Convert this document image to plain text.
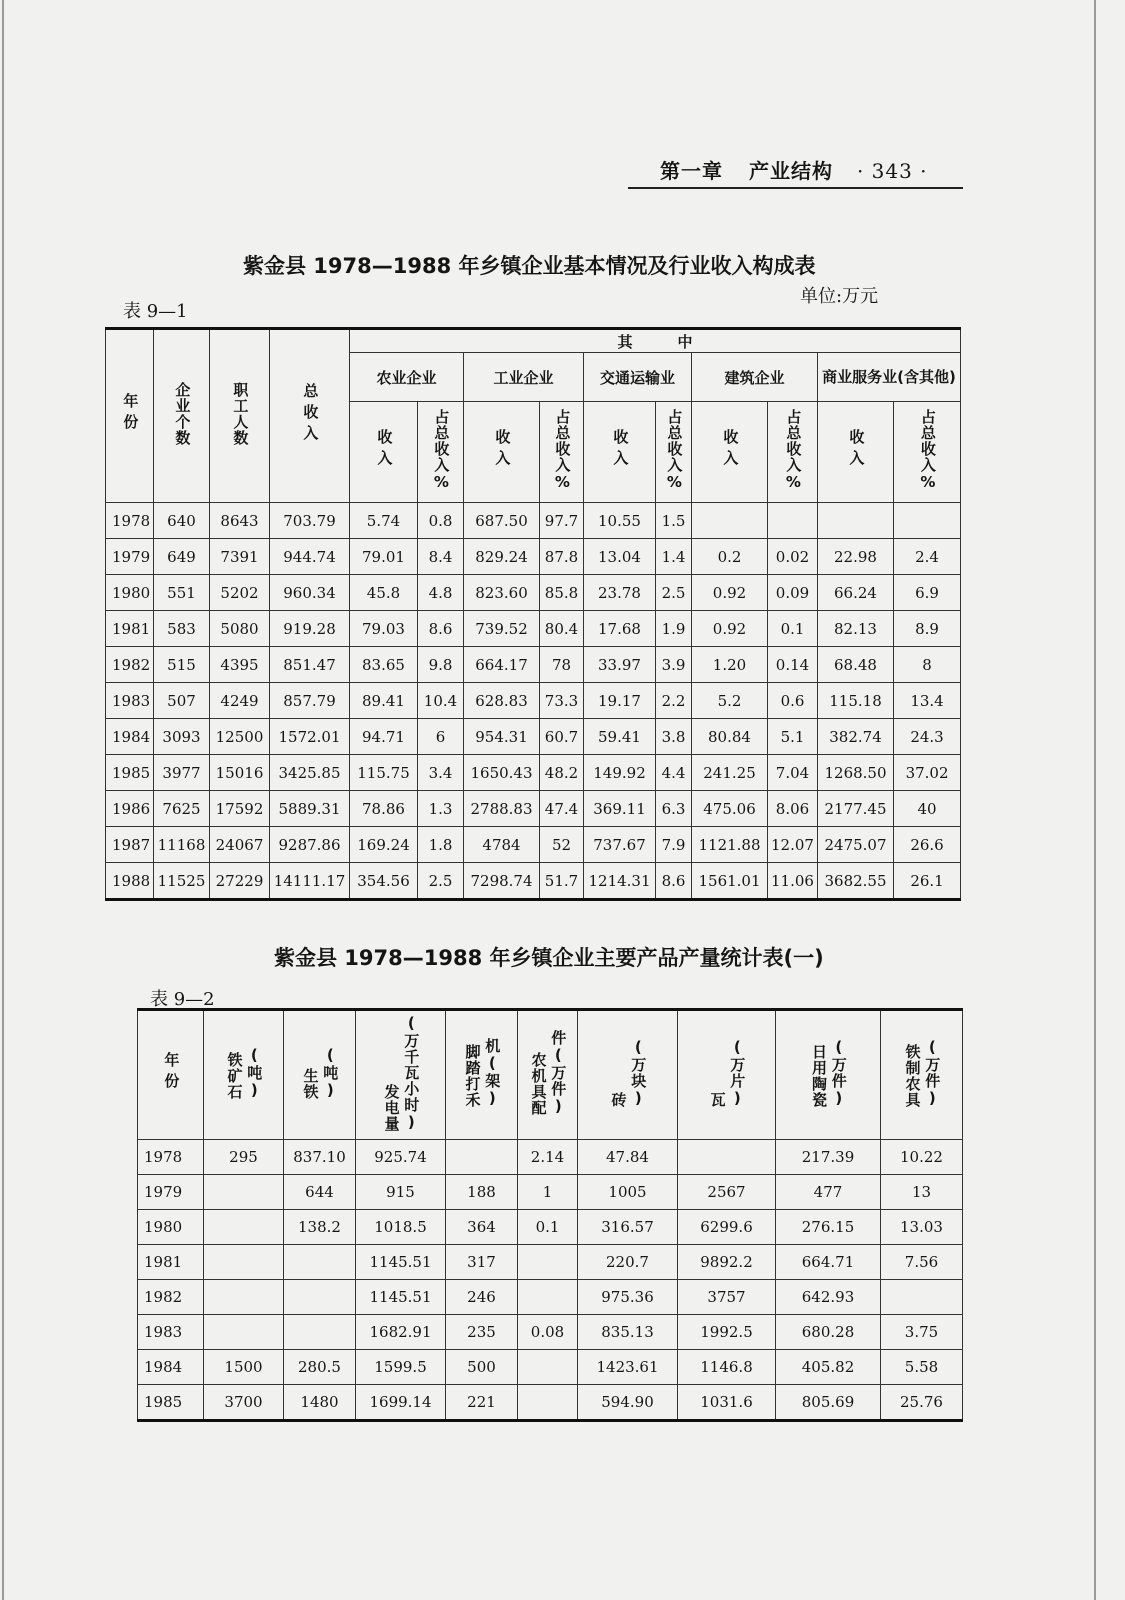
第一章 产业结构 · 343 ·
紫金县 1978—1988 年乡镇企业基本情况及行业收入构成表
表 9—1
单位:万元
年份	企业个数	职工人数	总收入	其　　　中									
				农业企业		工业企业		交通运输业		建筑企业		商业服务业(含其他)	
				收入	占总收入%	收入	占总收入%	收入	占总收入%	收入	占总收入%	收入	占总收入%
1978	640	8643	703.79	5.74	0.8	687.50	97.7	10.55	1.5				
1979	649	7391	944.74	79.01	8.4	829.24	87.8	13.04	1.4	0.2	0.02	22.98	2.4
1980	551	5202	960.34	45.8	4.8	823.60	85.8	23.78	2.5	0.92	0.09	66.24	6.9
1981	583	5080	919.28	79.03	8.6	739.52	80.4	17.68	1.9	0.92	0.1	82.13	8.9
1982	515	4395	851.47	83.65	9.8	664.17	78	33.97	3.9	1.20	0.14	68.48	8
1983	507	4249	857.79	89.41	10.4	628.83	73.3	19.17	2.2	5.2	0.6	115.18	13.4
1984	3093	12500	1572.01	94.71	6	954.31	60.7	59.41	3.8	80.84	5.1	382.74	24.3
1985	3977	15016	3425.85	115.75	3.4	1650.43	48.2	149.92	4.4	241.25	7.04	1268.50	37.02
1986	7625	17592	5889.31	78.86	1.3	2788.83	47.4	369.11	6.3	475.06	8.06	2177.45	40
1987	11168	24067	9287.86	169.24	1.8	4784	52	737.67	7.9	1121.88	12.07	2475.07	26.6
1988	11525	27229	14111.17	354.56	2.5	7298.74	51.7	1214.31	8.6	1561.01	11.06	3682.55	26.1
紫金县 1978—1988 年乡镇企业主要产品产量统计表(一)
表 9—2
年份	铁矿石 (吨)	生铁 (吨)	发电量 (万千瓦小时)	脚踏打禾 机(架)	农机具配 件(万件)	砖 (万块)	瓦 (万片)	日用陶瓷 (万件)	铁制农具 (万件)
1978	295	837.10	925.74		2.14	47.84		217.39	10.22
1979		644	915	188	1	1005	2567	477	13
1980		138.2	1018.5	364	0.1	316.57	6299.6	276.15	13.03
1981			1145.51	317		220.7	9892.2	664.71	7.56
1982			1145.51	246		975.36	3757	642.93	
1983			1682.91	235	0.08	835.13	1992.5	680.28	3.75
1984	1500	280.5	1599.5	500		1423.61	1146.8	405.82	5.58
1985	3700	1480	1699.14	221		594.90	1031.6	805.69	25.76
